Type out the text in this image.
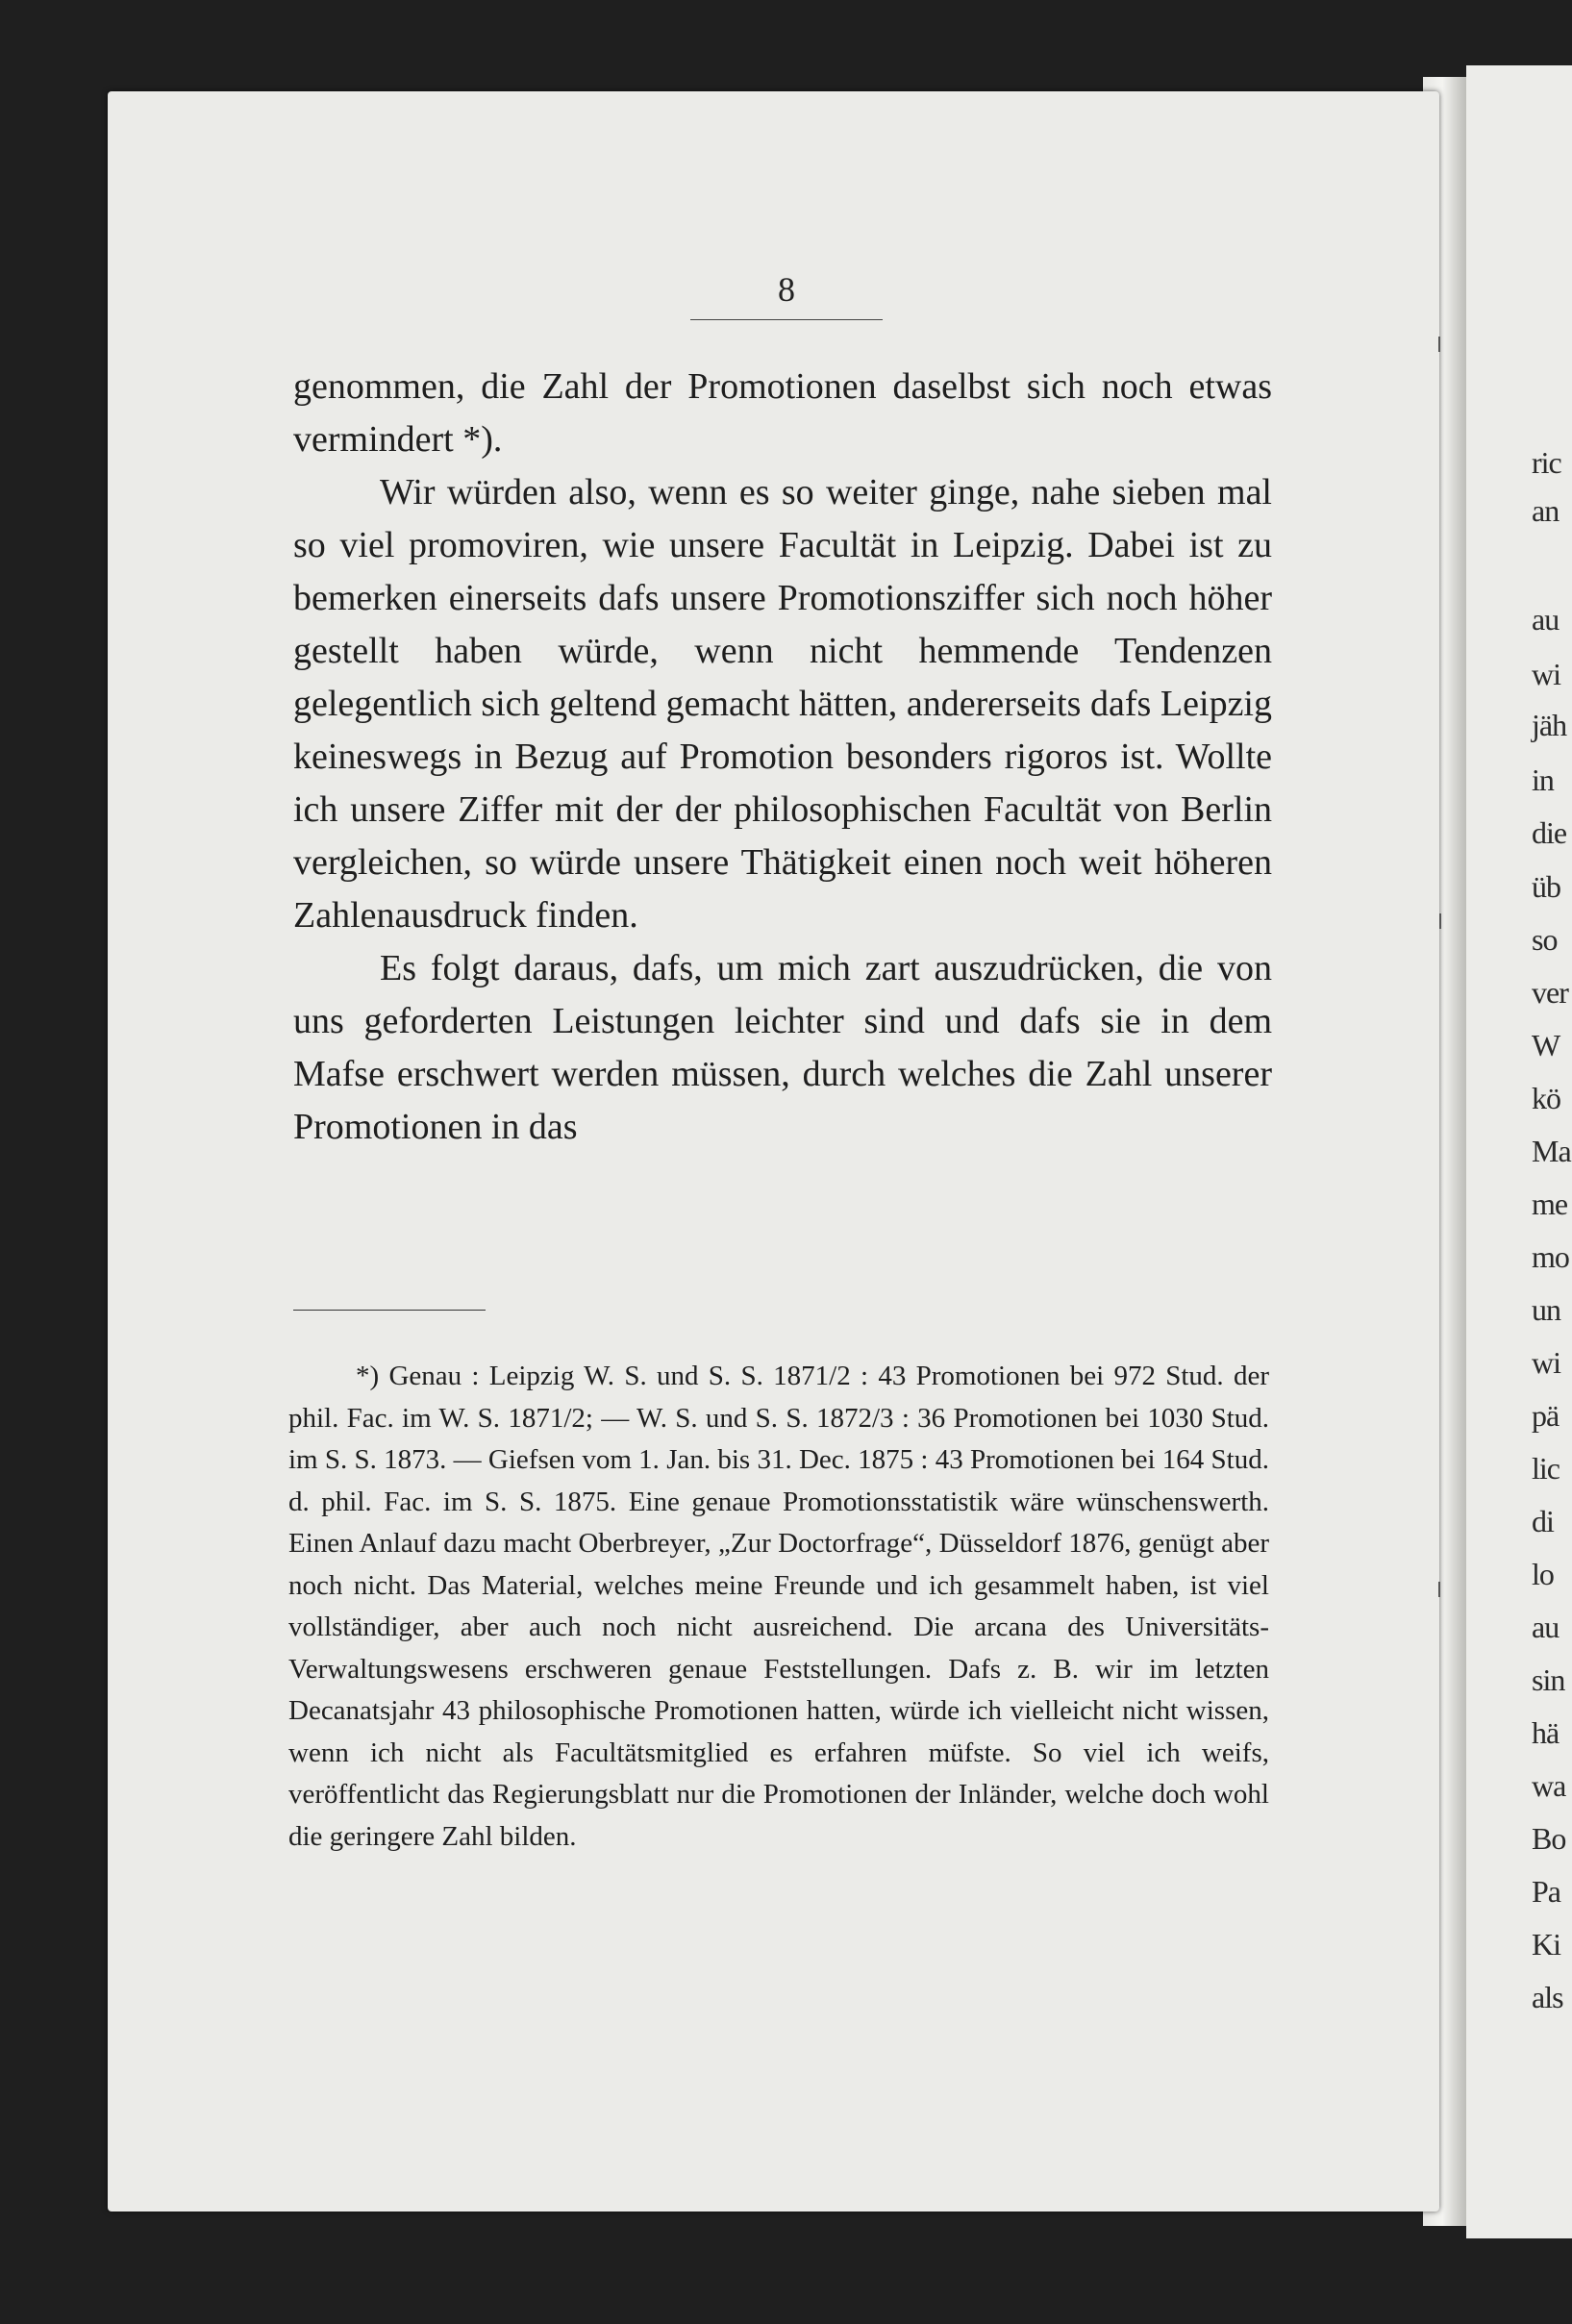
ric
an
au
wi
jäh
in
die
üb
so
ver
W
kö
Ma
me
mo
un
wi
pä
lic
di
lo
au
sin
hä
wa
Bo
Pa
Ki
als
8
genommen, die Zahl der Promotionen daselbst sich noch etwas vermindert *).
Wir würden also, wenn es so weiter ginge, nahe sieben mal so viel promoviren, wie unsere Facultät in Leipzig. Dabei ist zu bemerken einerseits dafs unsere Promotionsziffer sich noch höher gestellt haben würde, wenn nicht hemmende Tendenzen gelegentlich sich geltend gemacht hätten, andererseits dafs Leipzig keineswegs in Bezug auf Promotion besonders rigoros ist. Wollte ich unsere Ziffer mit der der philosophischen Facultät von Berlin vergleichen, so würde unsere Thätigkeit einen noch weit höheren Zahlenausdruck finden.
Es folgt daraus, dafs, um mich zart auszudrücken, die von uns geforderten Leistungen leichter sind und dafs sie in dem Mafse erschwert werden müssen, durch welches die Zahl unserer Promotionen in das
*) Genau : Leipzig W. S. und S. S. 1871/2 : 43 Promotionen bei 972 Stud. der phil. Fac. im W. S. 1871/2; — W. S. und S. S. 1872/3 : 36 Promotionen bei 1030 Stud. im S. S. 1873. — Giefsen vom 1. Jan. bis 31. Dec. 1875 : 43 Promotionen bei 164 Stud. d. phil. Fac. im S. S. 1875. Eine genaue Promotionsstatistik wäre wünschenswerth. Einen Anlauf dazu macht Oberbreyer, „Zur Doctorfrage“, Düsseldorf 1876, genügt aber noch nicht. Das Material, welches meine Freunde und ich gesammelt haben, ist viel vollständiger, aber auch noch nicht ausreichend. Die arcana des Universitäts-Verwaltungswesens erschweren genaue Feststellungen. Dafs z. B. wir im letzten Decanatsjahr 43 philosophische Promotionen hatten, würde ich vielleicht nicht wissen, wenn ich nicht als Facultätsmitglied es erfahren müfste. So viel ich weifs, veröffentlicht das Regierungsblatt nur die Promotionen der Inländer, welche doch wohl die geringere Zahl bilden.
